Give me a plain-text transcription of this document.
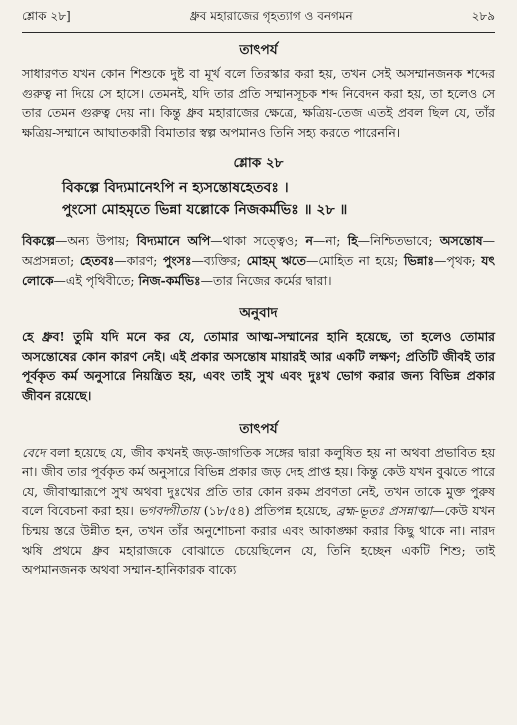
শ্লোক ২৮]	ধ্রুব মহারাজের গৃহত্যাগ ও বনগমন	২৮৯
তাৎপর্য

সাধারণত যখন কোন শিশুকে দুষ্ট বা মূর্খ বলে তিরস্কার করা হয়, তখন সেই অসম্মানজনক শব্দের গুরুত্ব না দিয়ে সে হাসে। তেমনই, যদি তার প্রতি সম্মানসূচক শব্দ নিবেদন করা হয়, তা হলেও সে তার তেমন গুরুত্ব দেয় না। কিন্তু ধ্রুব মহারাজের ক্ষেত্রে, ক্ষত্রিয়-তেজ এতই প্রবল ছিল যে, তাঁর ক্ষত্রিয়-সম্মানে আঘাতকারী বিমাতার স্বল্প অপমানও তিনি সহ্য করতে পারেননি।

শ্লোক ২৮
বিকল্পে বিদ্যমানেঽপি ন হ্যসন্তোষহেতবঃ ।
পুংসো মোহমৃতে ভিন্না যল্লোকে নিজকর্মভিঃ ॥ ২৮ ॥
বিকল্পে—অন্য উপায়; বিদ্যমানে অপি—থাকা সত্ত্বেও; ন—না; হি—নিশ্চিতভাবে; অসন্তোষ—অপ্রসন্নতা; হেতবঃ—কারণ; পুংসঃ—ব্যক্তির; মোহম্ ঋতে—মোহিত না হয়ে; ভিন্নাঃ—পৃথক; যৎ লোকে—এই পৃথিবীতে; নিজ-কর্মভিঃ—তার নিজের কর্মের দ্বারা।
অনুবাদ

হে ধ্রুব! তুমি যদি মনে কর যে, তোমার আত্ম-সম্মানের হানি হয়েছে, তা হলেও তোমার অসন্তোষের কোন কারণ নেই। এই প্রকার অসন্তোষ মায়ারই আর একটি লক্ষণ; প্রতিটি জীবই তার পূর্বকৃত কর্ম অনুসারে নিয়ন্ত্রিত হয়, এবং তাই সুখ এবং দুঃখ ভোগ করার জন্য বিভিন্ন প্রকার জীবন রয়েছে।

তাৎপর্য

বেদে বলা হয়েছে যে, জীব কখনই জড়-জাগতিক সঙ্গের দ্বারা কলুষিত হয় না অথবা প্রভাবিত হয় না। জীব তার পূর্বকৃত কর্ম অনুসারে বিভিন্ন প্রকার জড় দেহ প্রাপ্ত হয়। কিন্তু কেউ যখন বুঝতে পারে যে, জীবাত্মারূপে সুখ অথবা দুঃখের প্রতি তার কোন রকম প্রবণতা নেই, তখন তাকে মুক্ত পুরুষ বলে বিবেচনা করা হয়। ভগবদ্গীতায় (১৮/৫৪) প্রতিপন্ন হয়েছে, ব্রহ্ম-ভূতঃ প্রসন্নাত্মা—কেউ যখন চিন্ময় স্তরে উন্নীত হন, তখন তাঁর অনুশোচনা করার এবং আকাঙ্ক্ষা করার কিছু থাকে না। নারদ ঋষি প্রথমে ধ্রুব মহারাজকে বোঝাতে চেয়েছিলেন যে, তিনি হচ্ছেন একটি শিশু; তাই অপমানজনক অথবা সম্মান-হানিকারক বাক্যে
